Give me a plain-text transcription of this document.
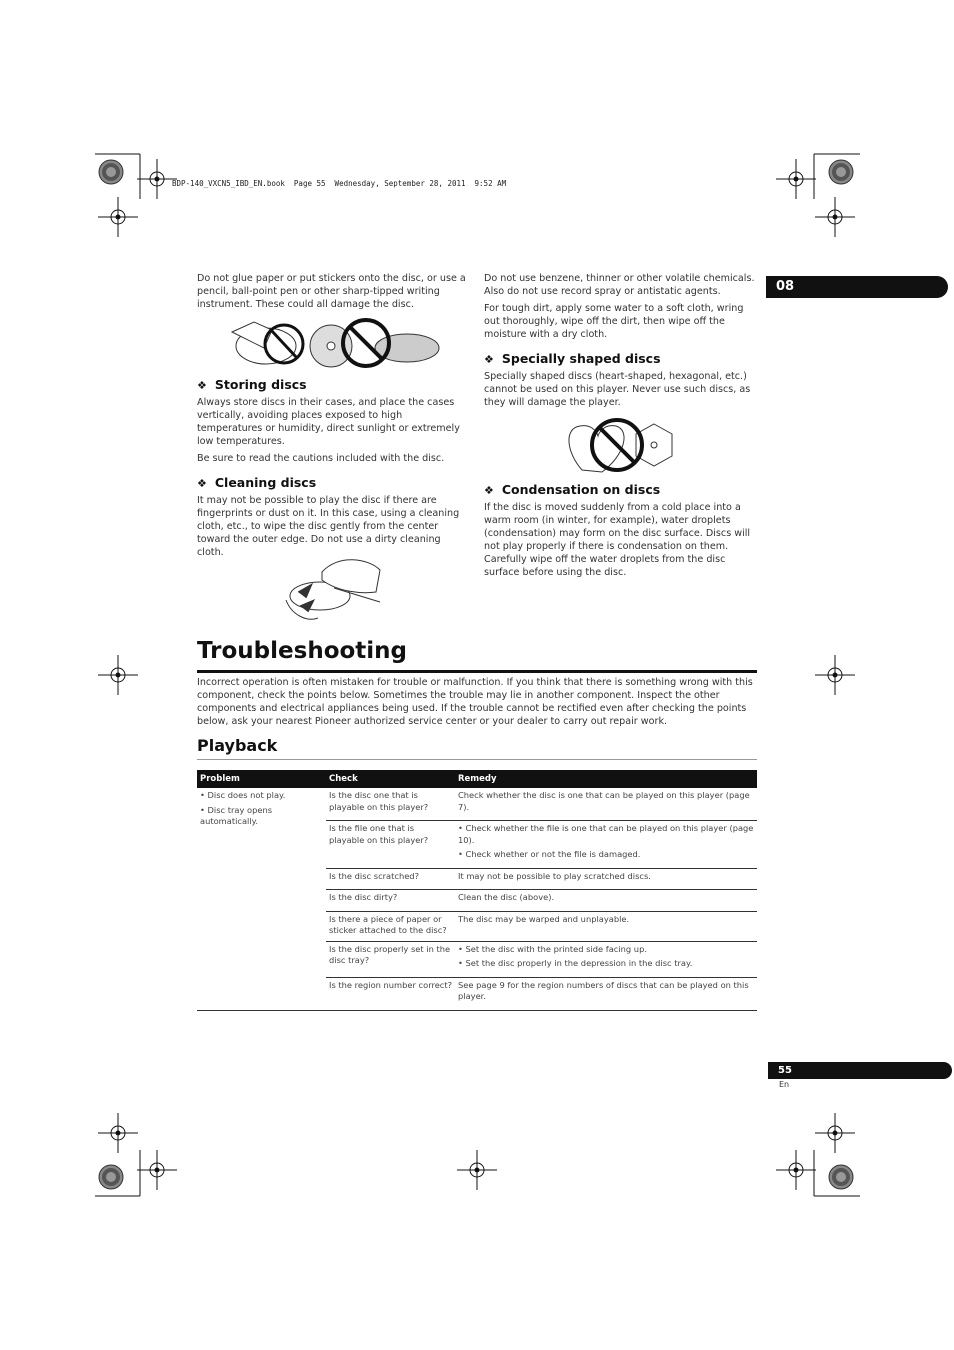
BDP-140_VXCN5_IBD_EN.book  Page 55  Wednesday, September 28, 2011  9:52 AM
08

Do not glue paper or put stickers onto the disc, or use a pencil, ball-point pen or other sharp-tipped writing instrument. These could all damage the disc.

❖ Storing discs

Always store discs in their cases, and place the cases vertically, avoiding places exposed to high temperatures or humidity, direct sunlight or extremely low temperatures.

Be sure to read the cautions included with the disc.

❖ Cleaning discs

It may not be possible to play the disc if there are fingerprints or dust on it. In this case, using a cleaning cloth, etc., to wipe the disc gently from the center toward the outer edge. Do not use a dirty cleaning cloth.

Do not use benzene, thinner or other volatile chemicals. Also do not use record spray or antistatic agents.

For tough dirt, apply some water to a soft cloth, wring out thoroughly, wipe off the dirt, then wipe off the moisture with a dry cloth.

❖ Specially shaped discs

Specially shaped discs (heart-shaped, hexagonal, etc.) cannot be used on this player. Never use such discs, as they will damage the player.

❖ Condensation on discs

If the disc is moved suddenly from a cold place into a warm room (in winter, for example), water droplets (condensation) may form on the disc surface. Discs will not play properly if there is condensation on them. Carefully wipe off the water droplets from the disc surface before using the disc.

Troubleshooting

Incorrect operation is often mistaken for trouble or malfunction. If you think that there is something wrong with this component, check the points below. Sometimes the trouble may lie in another component. Inspect the other components and electrical appliances being used. If the trouble cannot be rectified even after checking the points below, ask your nearest Pioneer authorized service center or your dealer to carry out repair work.

Playback
Problem	Check	Remedy

• Disc does not play.

• Disc tray opens automatically.	Is the disc one that is playable on this player?	Check whether the disc is one that can be played on this player (page 7).

	Is the file one that is playable on this player?	• Check whether the file is one that can be played on this player (page 10).

• Check whether or not the file is damaged.

	Is the disc scratched?	It may not be possible to play scratched discs.

	Is the disc dirty?	Clean the disc (above).

	Is there a piece of paper or sticker attached to the disc?	The disc may be warped and unplayable.

	Is the disc properly set in the disc tray?	• Set the disc with the printed side facing up.

• Set the disc properly in the depression in the disc tray.

	Is the region number correct?	See page 9 for the region numbers of discs that can be played on this player.

55
En
